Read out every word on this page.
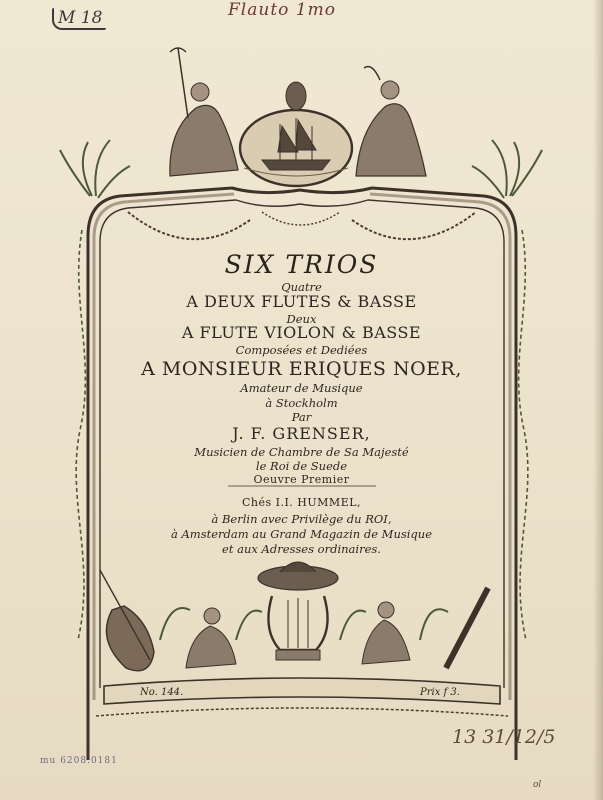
Flauto 1mo
M 18
mu 6208.0181
13 31/12/5
ol
SIX TRIOS
Quatre
A DEUX FLUTES & BASSE
Deux
A FLUTE VIOLON & BASSE
Composées et Dediées
A MONSIEUR ERIQUES NOER,
Amateur de Musique
à Stockholm
Par
J. F. GRENSER,
Musicien de Chambre de Sa Majesté
le Roi de Suede
Oeuvre Premier
Chés I.I. HUMMEL,
à Berlin avec Privilège du ROI,
à Amsterdam au Grand Magazin de Musique
et aux Adresses ordinaires.
No. 144.	Prix f 3.
